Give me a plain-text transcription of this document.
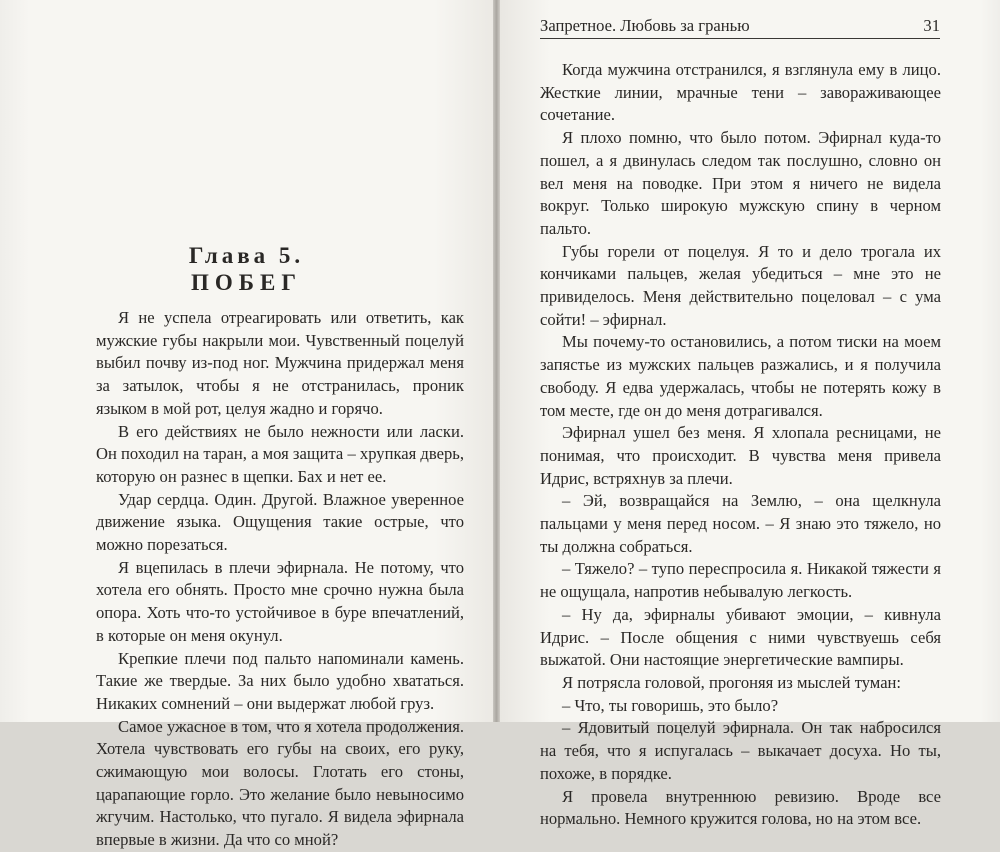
Глава 5.
ПОБЕГ

Я не успела отреагировать или ответить, как мужские губы накрыли мои. Чувственный поцелуй выбил почву из-под ног. Мужчина придержал меня за затылок, чтобы я не отстранилась, проник языком в мой рот, целуя жадно и горячо.

В его действиях не было нежности или ласки. Он походил на таран, а моя защита – хрупкая дверь, которую он разнес в щепки. Бах и нет ее.

Удар сердца. Один. Другой. Влажное уверенное движение языка. Ощущения такие острые, что можно порезаться.

Я вцепилась в плечи эфирнала. Не потому, что хотела его обнять. Просто мне срочно нужна была опора. Хоть что-то устойчивое в буре впечатлений, в которые он меня окунул.

Крепкие плечи под пальто напоминали камень. Такие же твердые. За них было удобно хвататься. Никаких сомнений – они выдержат любой груз.

Самое ужасное в том, что я хотела продолжения. Хотела чувствовать его губы на своих, его руку, сжимающую мои волосы. Глотать его стоны, царапающие горло. Это желание было невыносимо жгучим. Настолько, что пугало. Я видела эфирнала впервые в жизни. Да что со мной?

Запретное. Любовь за гранью	31

Когда мужчина отстранился, я взглянула ему в лицо. Жесткие линии, мрачные тени – завораживающее сочетание.

Я плохо помню, что было потом. Эфирнал куда-то пошел, а я двинулась следом так послушно, словно он вел меня на поводке. При этом я ничего не видела вокруг. Только широкую мужскую спину в черном пальто.

Губы горели от поцелуя. Я то и дело трогала их кончиками пальцев, желая убедиться – мне это не привиделось. Меня действительно поцеловал – с ума сойти! – эфирнал.

Мы почему-то остановились, а потом тиски на моем запястье из мужских пальцев разжались, и я получила свободу. Я едва удержалась, чтобы не потерять кожу в том месте, где он до меня дотрагивался.

Эфирнал ушел без меня. Я хлопала ресницами, не понимая, что происходит. В чувства меня привела Идрис, встряхнув за плечи.

– Эй, возвращайся на Землю, – она щелкнула пальцами у меня перед носом. – Я знаю это тяжело, но ты должна собраться.

– Тяжело? – тупо переспросила я. Никакой тяжести я не ощущала, напротив небывалую легкость.

– Ну да, эфирналы убивают эмоции, – кивнула Идрис. – После общения с ними чувствуешь себя выжатой. Они настоящие энергетические вампиры.

Я потрясла головой, прогоняя из мыслей туман:

– Что, ты говоришь, это было?

– Ядовитый поцелуй эфирнала. Он так набросился на тебя, что я испугалась – выкачает досуха. Но ты, похоже, в порядке.

Я провела внутреннюю ревизию. Вроде все нормально. Немного кружится голова, но на этом все.
